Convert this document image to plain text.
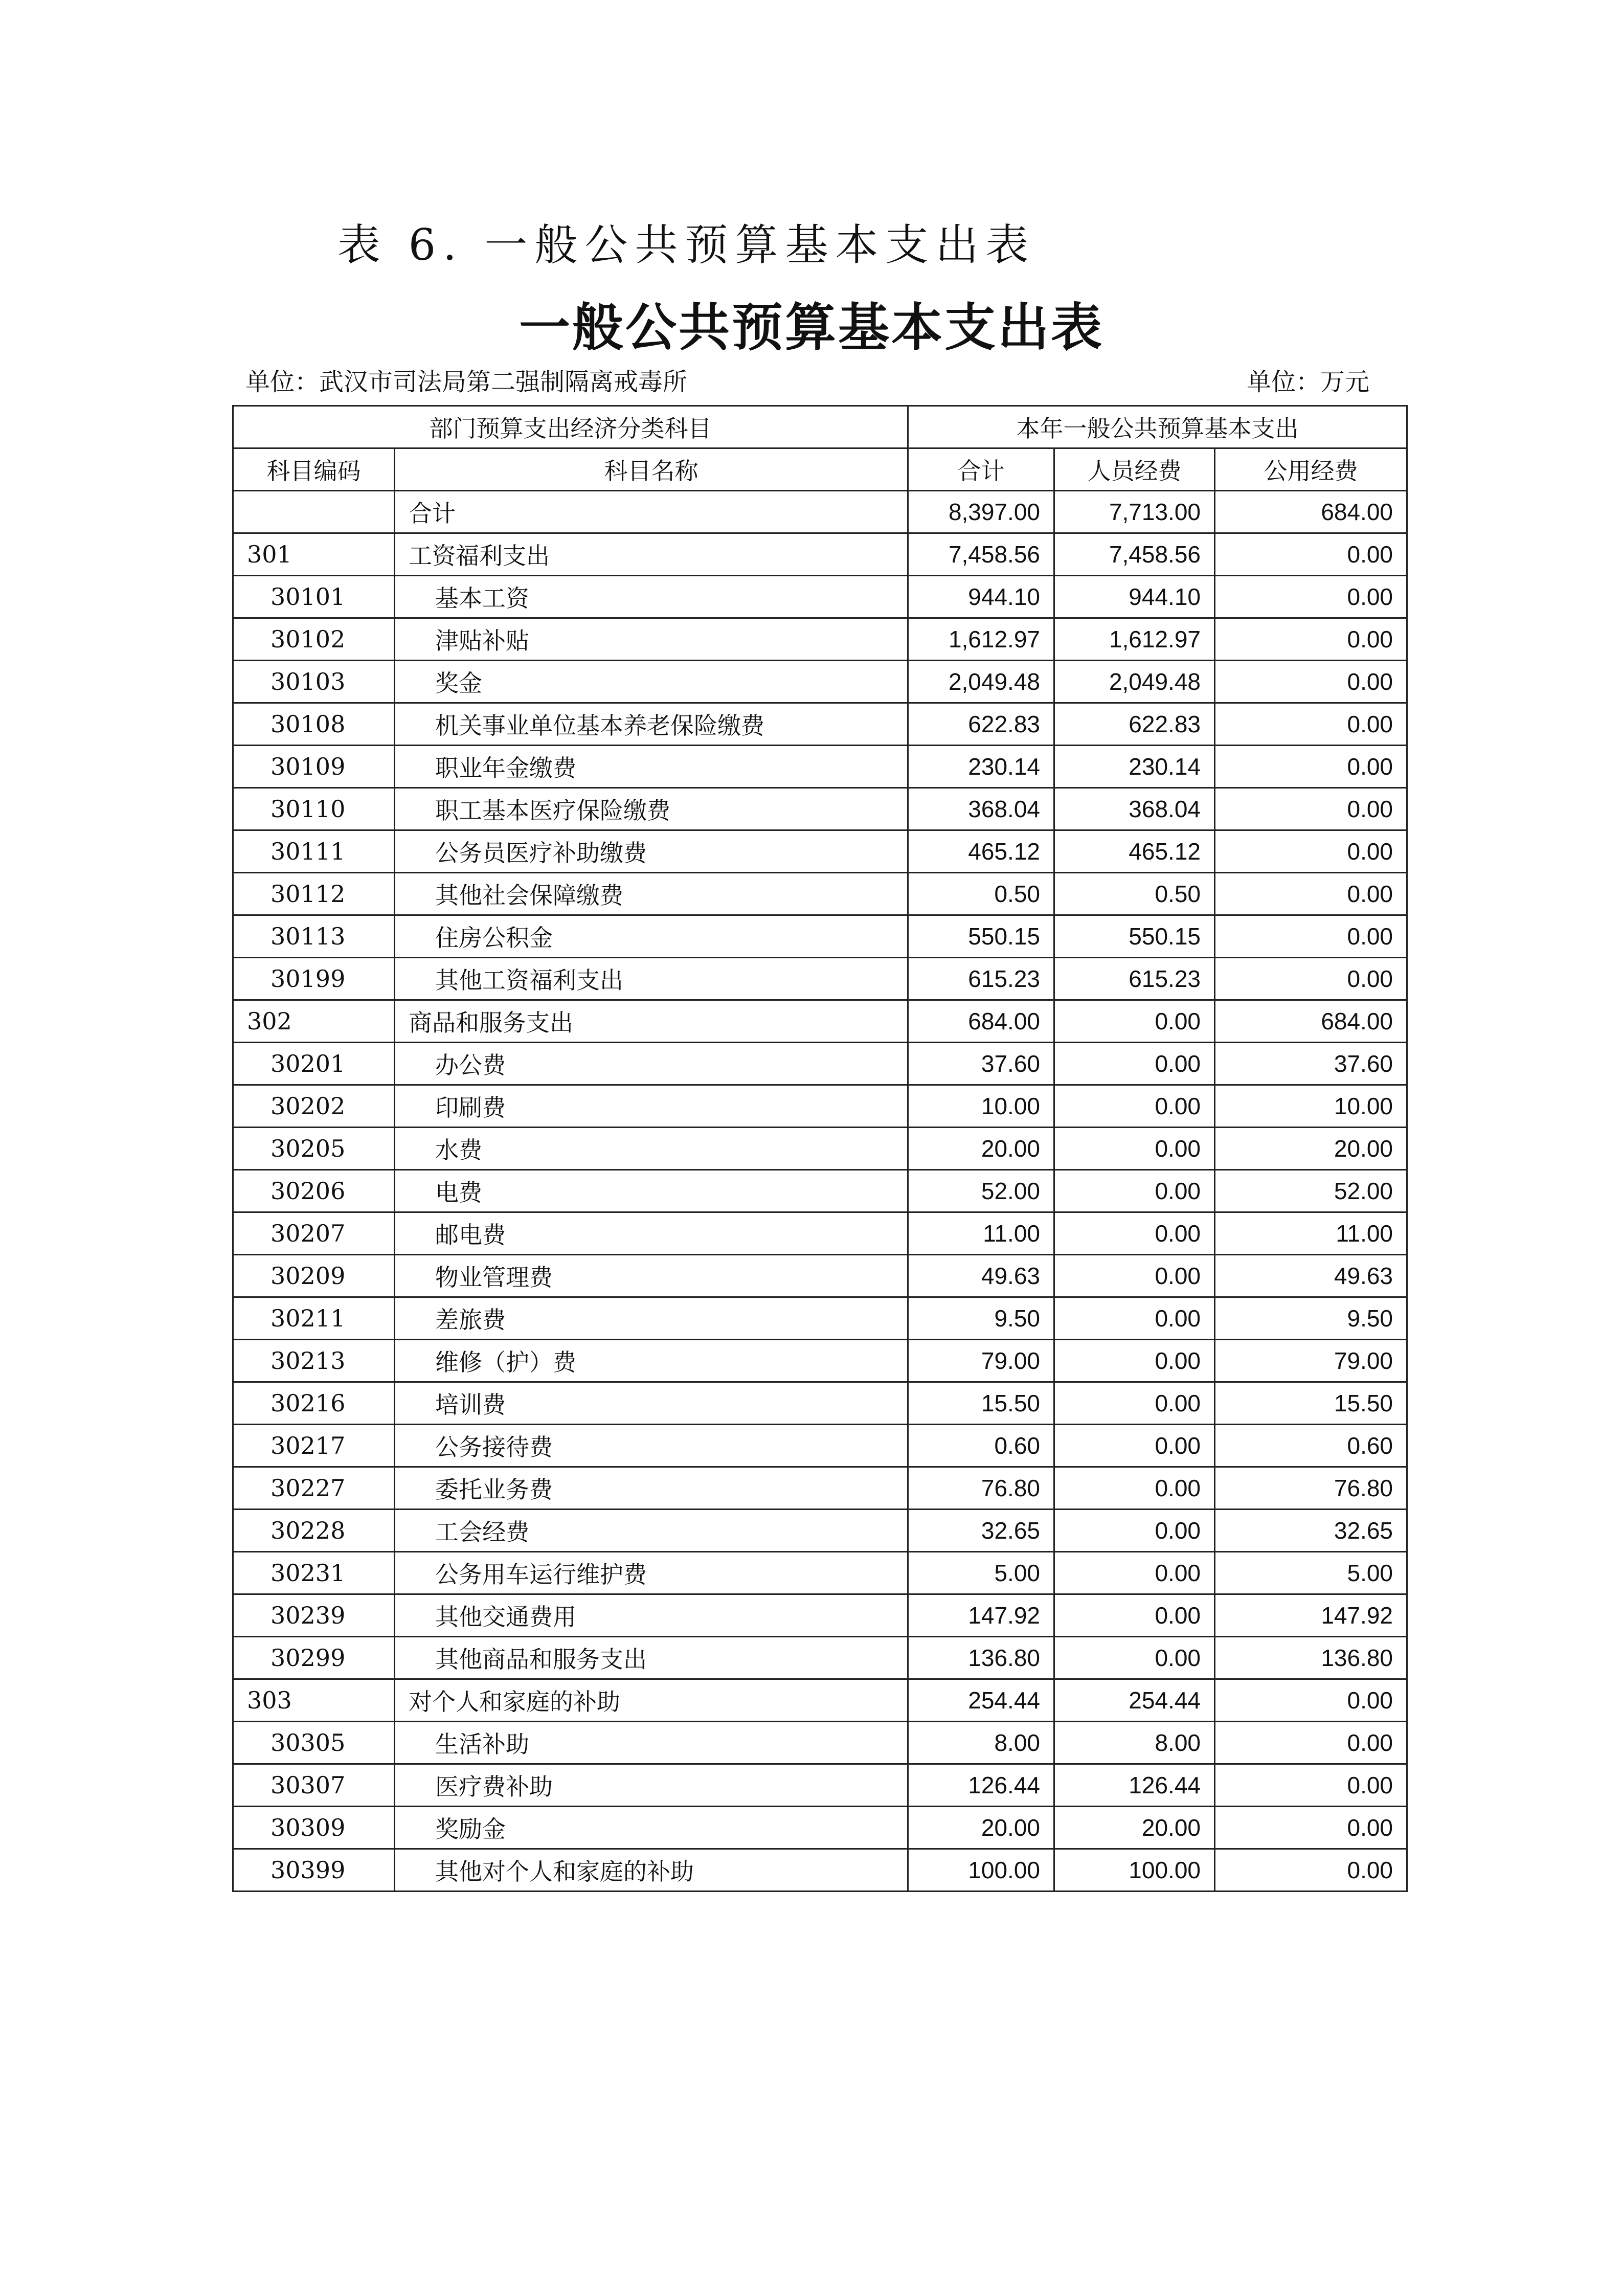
表 6. 一般公共预算基本支出表
一般公共预算基本支出表
单位：武汉市司法局第二强制隔离戒毒所	单位：万元
部门预算支出经济分类科目		本年一般公共预算基本支出		
科目编码	科目名称	合计	人员经费	公用经费
	合计	8,397.00	7,713.00	684.00
301	工资福利支出	7,458.56	7,458.56	0.00
30101	基本工资	944.10	944.10	0.00
30102	津贴补贴	1,612.97	1,612.97	0.00
30103	奖金	2,049.48	2,049.48	0.00
30108	机关事业单位基本养老保险缴费	622.83	622.83	0.00
30109	职业年金缴费	230.14	230.14	0.00
30110	职工基本医疗保险缴费	368.04	368.04	0.00
30111	公务员医疗补助缴费	465.12	465.12	0.00
30112	其他社会保障缴费	0.50	0.50	0.00
30113	住房公积金	550.15	550.15	0.00
30199	其他工资福利支出	615.23	615.23	0.00
302	商品和服务支出	684.00	0.00	684.00
30201	办公费	37.60	0.00	37.60
30202	印刷费	10.00	0.00	10.00
30205	水费	20.00	0.00	20.00
30206	电费	52.00	0.00	52.00
30207	邮电费	11.00	0.00	11.00
30209	物业管理费	49.63	0.00	49.63
30211	差旅费	9.50	0.00	9.50
30213	维修（护）费	79.00	0.00	79.00
30216	培训费	15.50	0.00	15.50
30217	公务接待费	0.60	0.00	0.60
30227	委托业务费	76.80	0.00	76.80
30228	工会经费	32.65	0.00	32.65
30231	公务用车运行维护费	5.00	0.00	5.00
30239	其他交通费用	147.92	0.00	147.92
30299	其他商品和服务支出	136.80	0.00	136.80
303	对个人和家庭的补助	254.44	254.44	0.00
30305	生活补助	8.00	8.00	0.00
30307	医疗费补助	126.44	126.44	0.00
30309	奖励金	20.00	20.00	0.00
30399	其他对个人和家庭的补助	100.00	100.00	0.00
